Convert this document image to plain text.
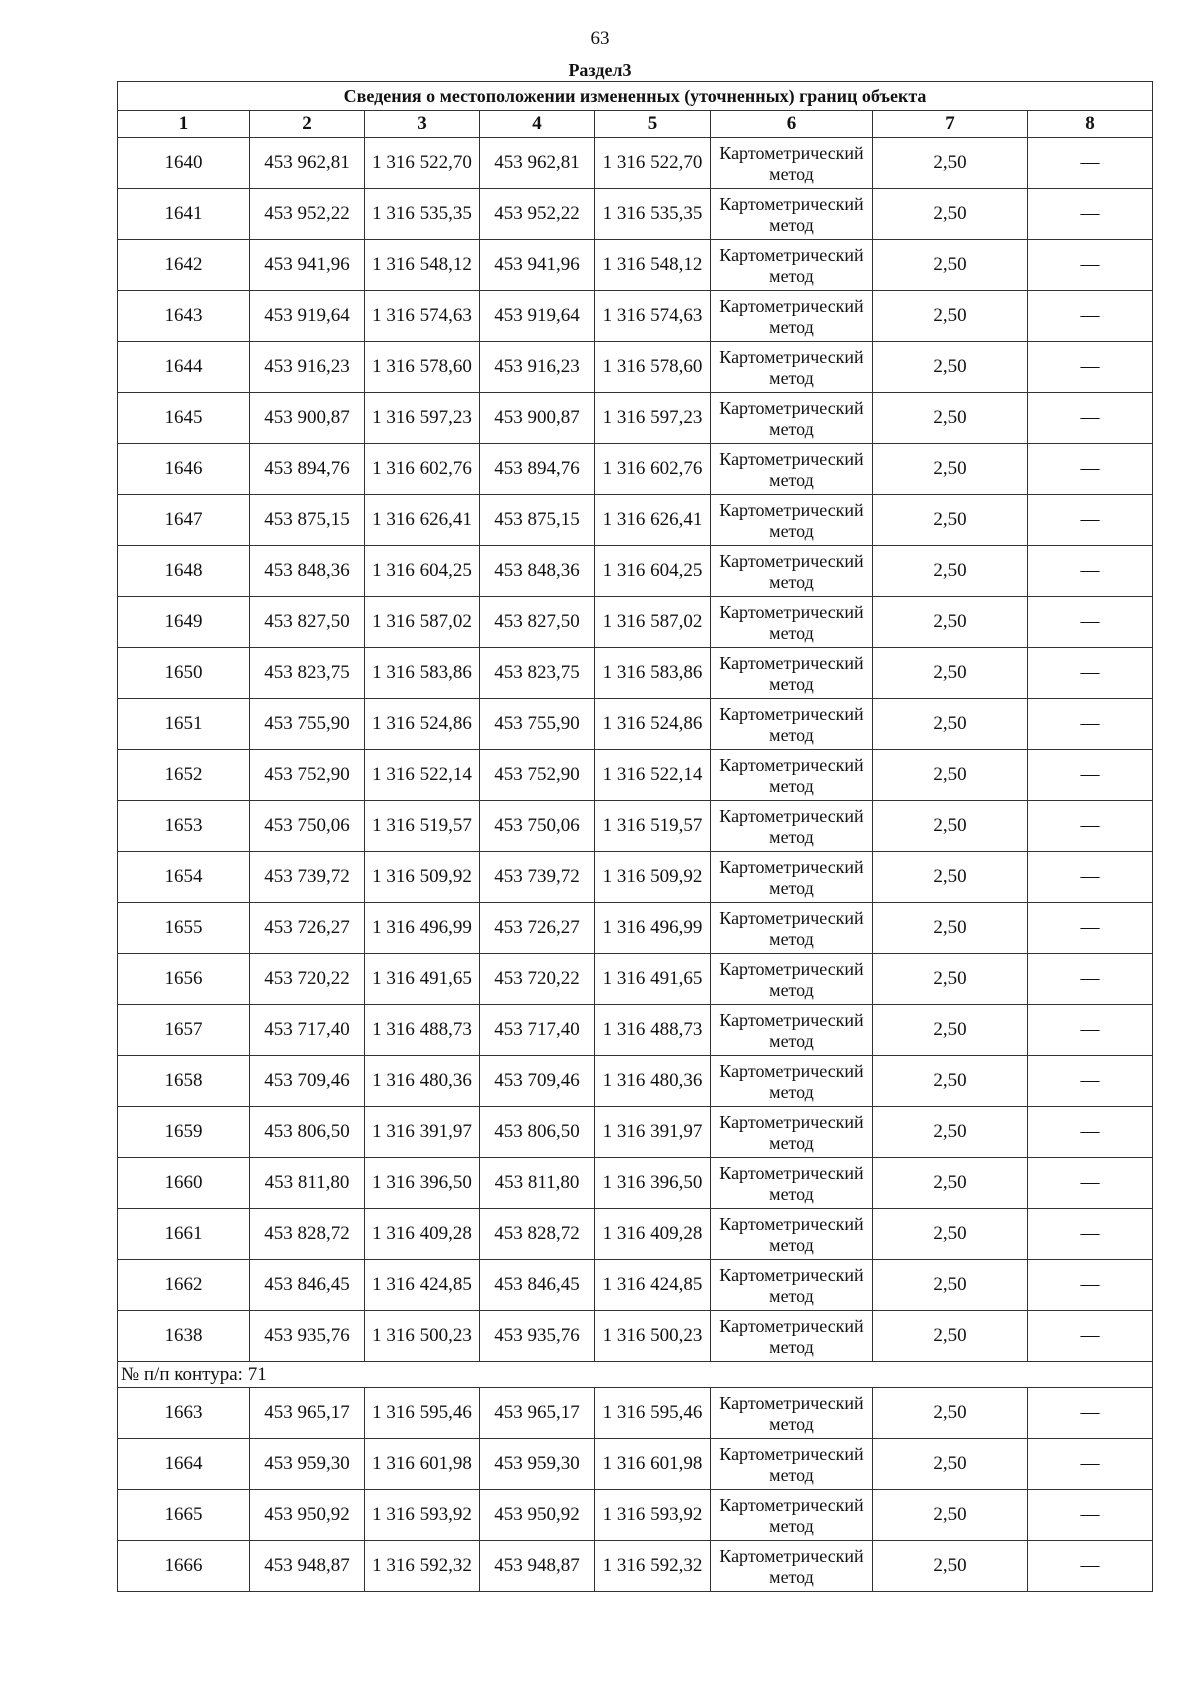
63
Раздел3
Сведения о местоположении измененных (уточненных) границ объекта							
1	2	3	4	5	6	7	8
1640	453 962,81	1 316 522,70	453 962,81	1 316 522,70	Картометрический метод	2,50	—
1641	453 952,22	1 316 535,35	453 952,22	1 316 535,35	Картометрический метод	2,50	—
1642	453 941,96	1 316 548,12	453 941,96	1 316 548,12	Картометрический метод	2,50	—
1643	453 919,64	1 316 574,63	453 919,64	1 316 574,63	Картометрический метод	2,50	—
1644	453 916,23	1 316 578,60	453 916,23	1 316 578,60	Картометрический метод	2,50	—
1645	453 900,87	1 316 597,23	453 900,87	1 316 597,23	Картометрический метод	2,50	—
1646	453 894,76	1 316 602,76	453 894,76	1 316 602,76	Картометрический метод	2,50	—
1647	453 875,15	1 316 626,41	453 875,15	1 316 626,41	Картометрический метод	2,50	—
1648	453 848,36	1 316 604,25	453 848,36	1 316 604,25	Картометрический метод	2,50	—
1649	453 827,50	1 316 587,02	453 827,50	1 316 587,02	Картометрический метод	2,50	—
1650	453 823,75	1 316 583,86	453 823,75	1 316 583,86	Картометрический метод	2,50	—
1651	453 755,90	1 316 524,86	453 755,90	1 316 524,86	Картометрический метод	2,50	—
1652	453 752,90	1 316 522,14	453 752,90	1 316 522,14	Картометрический метод	2,50	—
1653	453 750,06	1 316 519,57	453 750,06	1 316 519,57	Картометрический метод	2,50	—
1654	453 739,72	1 316 509,92	453 739,72	1 316 509,92	Картометрический метод	2,50	—
1655	453 726,27	1 316 496,99	453 726,27	1 316 496,99	Картометрический метод	2,50	—
1656	453 720,22	1 316 491,65	453 720,22	1 316 491,65	Картометрический метод	2,50	—
1657	453 717,40	1 316 488,73	453 717,40	1 316 488,73	Картометрический метод	2,50	—
1658	453 709,46	1 316 480,36	453 709,46	1 316 480,36	Картометрический метод	2,50	—
1659	453 806,50	1 316 391,97	453 806,50	1 316 391,97	Картометрический метод	2,50	—
1660	453 811,80	1 316 396,50	453 811,80	1 316 396,50	Картометрический метод	2,50	—
1661	453 828,72	1 316 409,28	453 828,72	1 316 409,28	Картометрический метод	2,50	—
1662	453 846,45	1 316 424,85	453 846,45	1 316 424,85	Картометрический метод	2,50	—
1638	453 935,76	1 316 500,23	453 935,76	1 316 500,23	Картометрический метод	2,50	—
№ п/п контура: 71							
1663	453 965,17	1 316 595,46	453 965,17	1 316 595,46	Картометрический метод	2,50	—
1664	453 959,30	1 316 601,98	453 959,30	1 316 601,98	Картометрический метод	2,50	—
1665	453 950,92	1 316 593,92	453 950,92	1 316 593,92	Картометрический метод	2,50	—
1666	453 948,87	1 316 592,32	453 948,87	1 316 592,32	Картометрический метод	2,50	—
